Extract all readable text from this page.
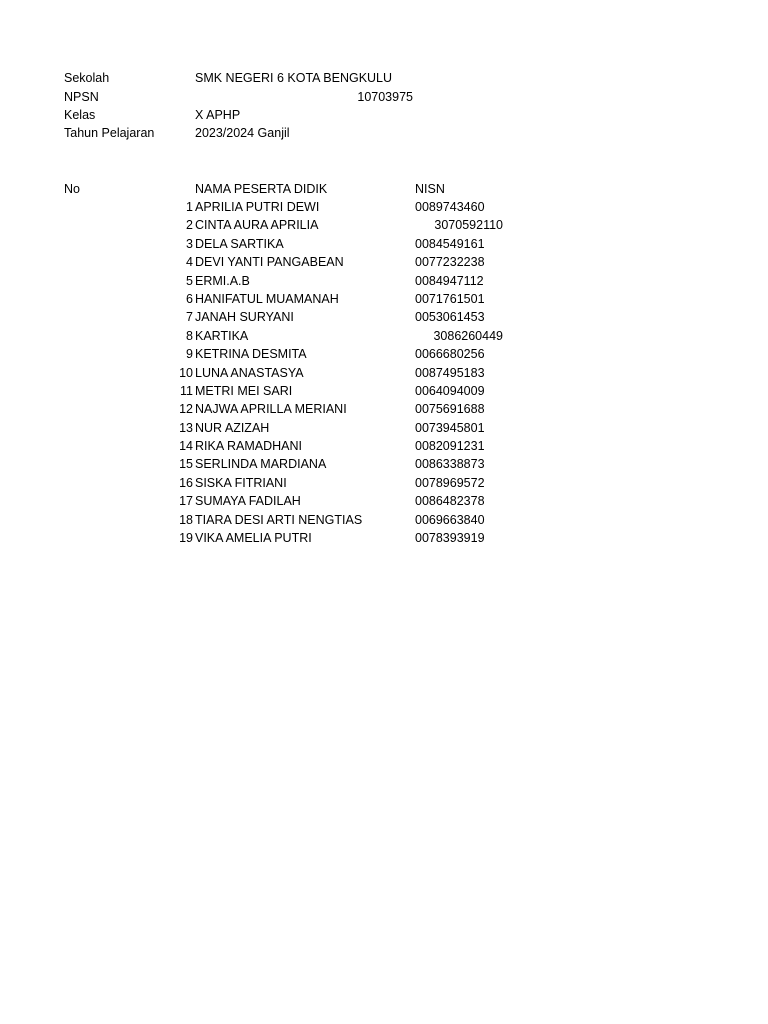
Sekolah	SMK NEGERI 6 KOTA BENGKULU
NPSN	10703975
Kelas	X APHP
Tahun Pelajaran	2023/2024 Ganjil
No	NAMA PESERTA DIDIK	NISN
1 APRILIA PUTRI DEWI	0089743460
2 CINTA AURA APRILIA	3070592110
3 DELA SARTIKA	0084549161
4 DEVI YANTI PANGABEAN	0077232238
5 ERMI.A.B	0084947112
6 HANIFATUL MUAMANAH	0071761501
7 JANAH SURYANI	0053061453
8 KARTIKA	3086260449
9 KETRINA DESMITA	0066680256
10 LUNA ANASTASYA	0087495183
11 METRI MEI SARI	0064094009
12 NAJWA APRILLA MERIANI	0075691688
13 NUR AZIZAH	0073945801
14 RIKA RAMADHANI	0082091231
15 SERLINDA MARDIANA	0086338873
16 SISKA FITRIANI	0078969572
17 SUMAYA FADILAH	0086482378
18 TIARA DESI ARTI NENGTIAS	0069663840
19 VIKA AMELIA PUTRI	0078393919
